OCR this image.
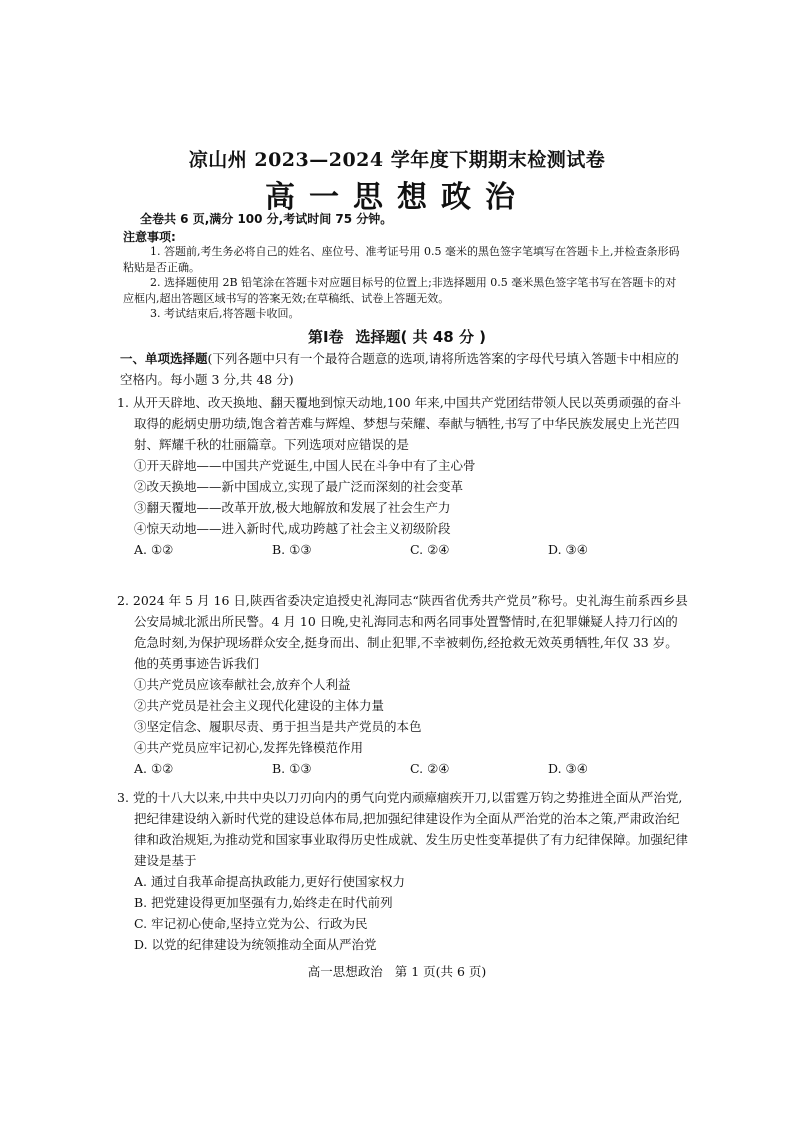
凉山州 2023—2024 学年度下期期末检测试卷
高一思想政治
全卷共 6 页,满分 100 分,考试时间 75 分钟。
注意事项:
1. 答题前,考生务必将自己的姓名、座位号、准考证号用 0.5 毫米的黑色签字笔填写在答题卡上,并检查条形码粘贴是否正确。
2. 选择题使用 2B 铅笔涂在答题卡对应题目标号的位置上;非选择题用 0.5 毫米黑色签字笔书写在答题卡的对应框内,超出答题区域书写的答案无效;在草稿纸、试卷上答题无效。
3. 考试结束后,将答题卡收回。
第Ⅰ卷 选择题( 共 48 分 )
一、单项选择题(下列各题中只有一个最符合题意的选项,请将所选答案的字母代号填入答题卡中相应的空格内。每小题 3 分,共 48 分)
1. 从开天辟地、改天换地、翻天覆地到惊天动地,100 年来,中国共产党团结带领人民以英勇顽强的奋斗取得的彪炳史册功绩,饱含着苦难与辉煌、梦想与荣耀、奉献与牺牲,书写了中华民族发展史上光芒四射、辉耀千秋的壮丽篇章。下列选项对应错误的是
①开天辟地——中国共产党诞生,中国人民在斗争中有了主心骨
②改天换地——新中国成立,实现了最广泛而深刻的社会变革
③翻天覆地——改革开放,极大地解放和发展了社会生产力
④惊天动地——进入新时代,成功跨越了社会主义初级阶段
A. ①②	B. ①③	C. ②④	D. ③④
2. 2024 年 5 月 16 日,陕西省委决定追授史礼海同志“陕西省优秀共产党员”称号。史礼海生前系西乡县公安局城北派出所民警。4 月 10 日晚,史礼海同志和两名同事处置警情时,在犯罪嫌疑人持刀行凶的危急时刻,为保护现场群众安全,挺身而出、制止犯罪,不幸被刺伤,经抢救无效英勇牺牲,年仅 33 岁。他的英勇事迹告诉我们
①共产党员应该奉献社会,放弃个人利益
②共产党员是社会主义现代化建设的主体力量
③坚定信念、履职尽责、勇于担当是共产党员的本色
④共产党员应牢记初心,发挥先锋模范作用
A. ①②	B. ①③	C. ②④	D. ③④
3. 党的十八大以来,中共中央以刀刃向内的勇气向党内顽瘴痼疾开刀,以雷霆万钧之势推进全面从严治党,把纪律建设纳入新时代党的建设总体布局,把加强纪律建设作为全面从严治党的治本之策,严肃政治纪律和政治规矩,为推动党和国家事业取得历史性成就、发生历史性变革提供了有力纪律保障。加强纪律建设是基于
A. 通过自我革命提高执政能力,更好行使国家权力
B. 把党建设得更加坚强有力,始终走在时代前列
C. 牢记初心使命,坚持立党为公、行政为民
D. 以党的纪律建设为统领推动全面从严治党
高一思想政治 第 1 页(共 6 页)
